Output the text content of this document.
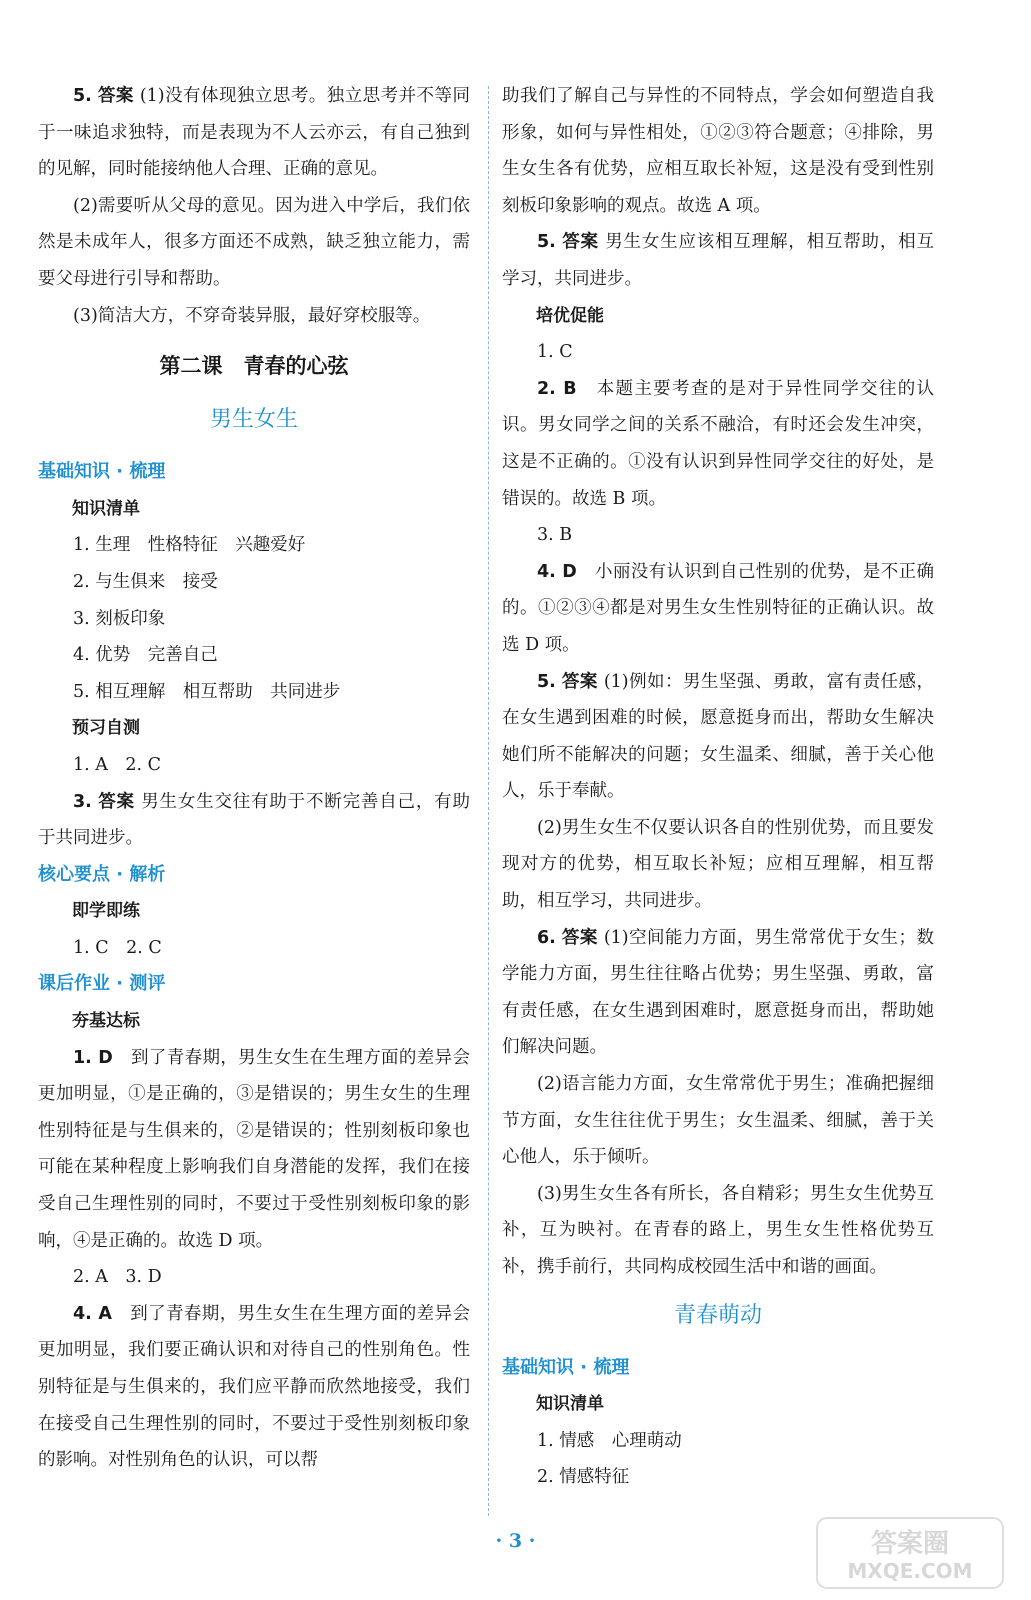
5. 答案 (1)没有体现独立思考。独立思考并不等同于一味追求独特，而是表现为不人云亦云，有自己独到的见解，同时能接纳他人合理、正确的意见。

(2)需要听从父母的意见。因为进入中学后，我们依然是未成年人，很多方面还不成熟，缺乏独立能力，需要父母进行引导和帮助。

(3)简洁大方，不穿奇装异服，最好穿校服等。

第二课　青春的心弦
男生女生
基础知识 · 梳理
知识清单

1. 生理　性格特征　兴趣爱好

2. 与生俱来　接受

3. 刻板印象

4. 优势　完善自己

5. 相互理解　相互帮助　共同进步

预习自测

1. A　2. C

3. 答案 男生女生交往有助于不断完善自己，有助于共同进步。

核心要点 · 解析
即学即练

1. C　2. C

课后作业 · 测评
夯基达标

1. D　 到了青春期，男生女生在生理方面的差异会更加明显，①是正确的，③是错误的；男生女生的生理性别特征是与生俱来的，②是错误的；性别刻板印象也可能在某种程度上影响我们自身潜能的发挥，我们在接受自己生理性别的同时，不要过于受性别刻板印象的影响，④是正确的。故选 D 项。

2. A　3. D

4. A　 到了青春期，男生女生在生理方面的差异会更加明显，我们要正确认识和对待自己的性别角色。性别特征是与生俱来的，我们应平静而欣然地接受，我们在接受自己生理性别的同时，不要过于受性别刻板印象的影响。对性别角色的认识，可以帮

助我们了解自己与异性的不同特点，学会如何塑造自我形象，如何与异性相处，①②③符合题意；④排除，男生女生各有优势，应相互取长补短，这是没有受到性别刻板印象影响的观点。故选 A 项。

5. 答案 男生女生应该相互理解，相互帮助，相互学习，共同进步。

培优促能

1. C

2. B　 本题主要考查的是对于异性同学交往的认识。男女同学之间的关系不融洽，有时还会发生冲突，这是不正确的。①没有认识到异性同学交往的好处，是错误的。故选 B 项。

3. B

4. D　 小丽没有认识到自己性别的优势，是不正确的。①②③④都是对男生女生性别特征的正确认识。故选 D 项。

5. 答案 (1)例如：男生坚强、勇敢，富有责任感，在女生遇到困难的时候，愿意挺身而出，帮助女生解决她们所不能解决的问题；女生温柔、细腻，善于关心他人，乐于奉献。

(2)男生女生不仅要认识各自的性别优势，而且要发现对方的优势，相互取长补短；应相互理解，相互帮助，相互学习，共同进步。

6. 答案 (1)空间能力方面，男生常常优于女生；数学能力方面，男生往往略占优势；男生坚强、勇敢，富有责任感，在女生遇到困难时，愿意挺身而出，帮助她们解决问题。

(2)语言能力方面，女生常常优于男生；准确把握细节方面，女生往往优于男生；女生温柔、细腻，善于关心他人，乐于倾听。

(3)男生女生各有所长，各自精彩；男生女生优势互补，互为映衬。在青春的路上，男生女生性格优势互补，携手前行，共同构成校园生活中和谐的画面。

青春萌动
基础知识 · 梳理
知识清单

1. 情感　心理萌动

2. 情感特征

· 3 ·	答案圈
MXQE.COM
